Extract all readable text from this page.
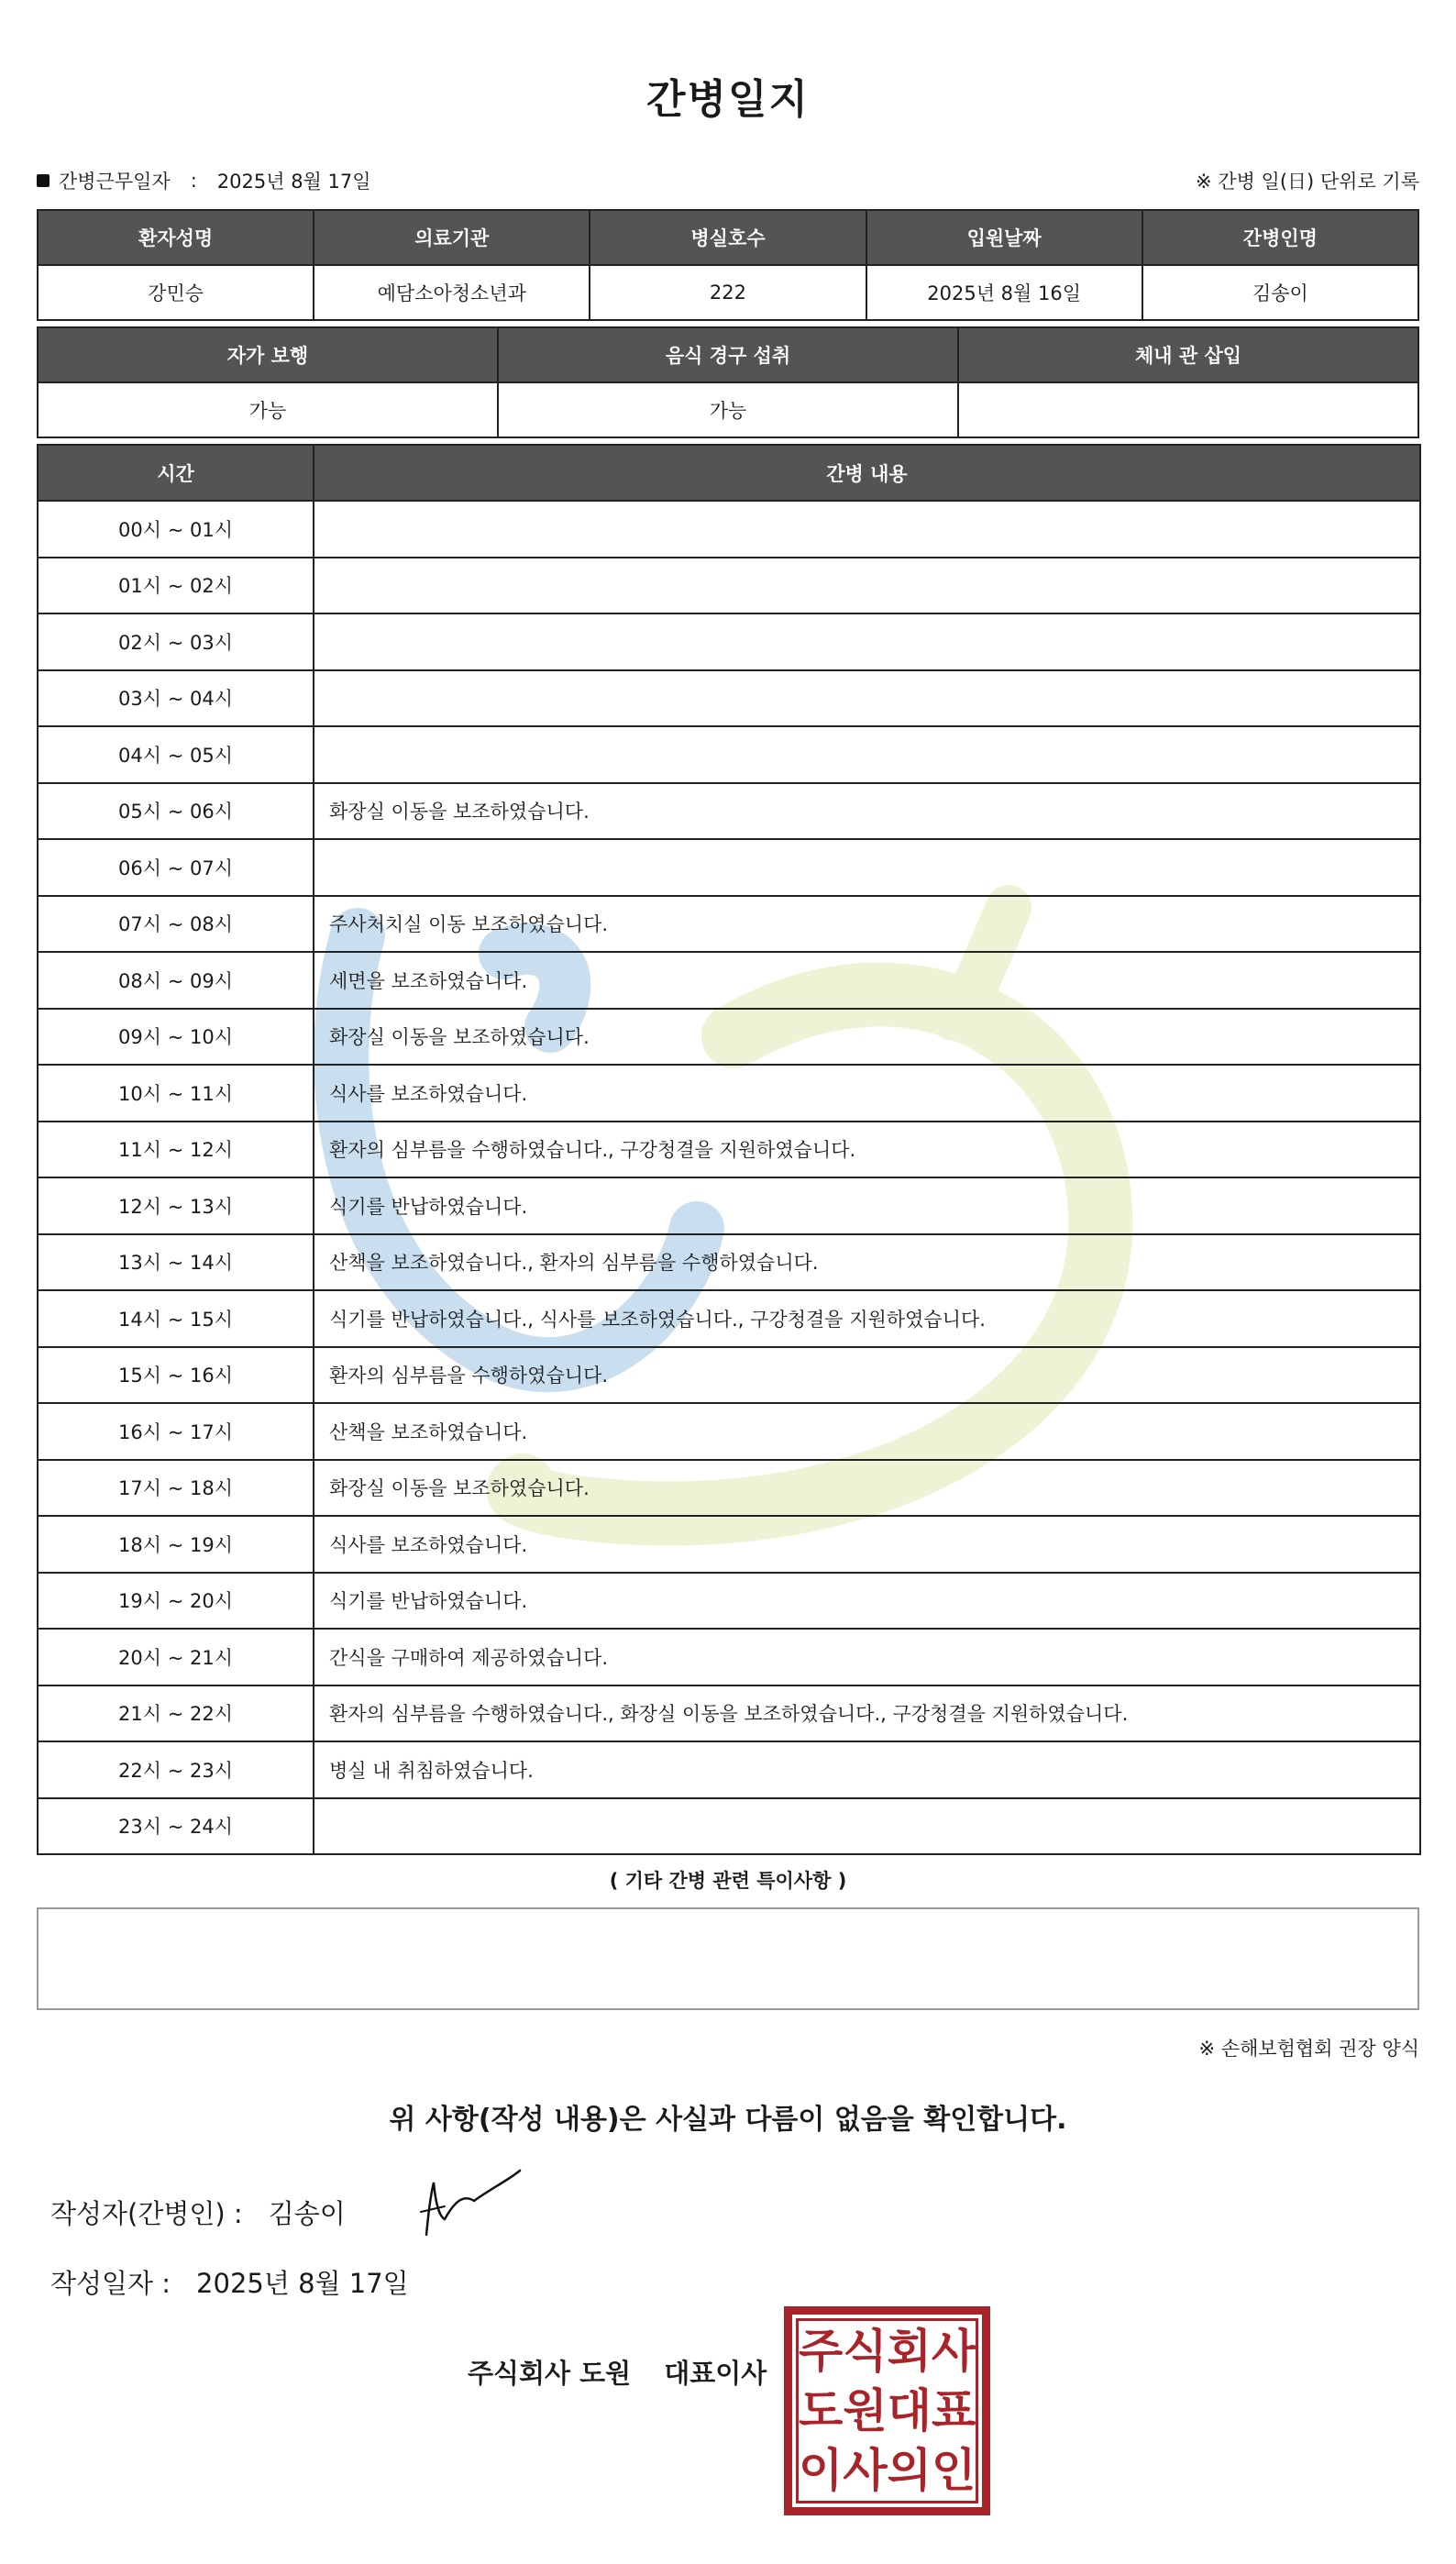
간병일지
간병근무일자 : 2025년 8월 17일	※ 간병 일(日) 단위로 기록
환자성명	의료기관	병실호수	입원날짜	간병인명
강민승	예담소아청소년과	222	2025년 8월 16일	김송이
자가 보행	음식 경구 섭취	체내 관 삽입
가능	가능	
시간	간병 내용
00시 ~ 01시	
01시 ~ 02시	
02시 ~ 03시	
03시 ~ 04시	
04시 ~ 05시	
05시 ~ 06시	화장실 이동을 보조하였습니다.
06시 ~ 07시	
07시 ~ 08시	주사처치실 이동 보조하였습니다.
08시 ~ 09시	세면을 보조하였습니다.
09시 ~ 10시	화장실 이동을 보조하였습니다.
10시 ~ 11시	식사를 보조하였습니다.
11시 ~ 12시	환자의 심부름을 수행하였습니다., 구강청결을 지원하였습니다.
12시 ~ 13시	식기를 반납하였습니다.
13시 ~ 14시	산책을 보조하였습니다., 환자의 심부름을 수행하였습니다.
14시 ~ 15시	식기를 반납하였습니다., 식사를 보조하였습니다., 구강청결을 지원하였습니다.
15시 ~ 16시	환자의 심부름을 수행하였습니다.
16시 ~ 17시	산책을 보조하였습니다.
17시 ~ 18시	화장실 이동을 보조하였습니다.
18시 ~ 19시	식사를 보조하였습니다.
19시 ~ 20시	식기를 반납하였습니다.
20시 ~ 21시	간식을 구매하여 제공하였습니다.
21시 ~ 22시	환자의 심부름을 수행하였습니다., 화장실 이동을 보조하였습니다., 구강청결을 지원하였습니다.
22시 ~ 23시	병실 내 취침하였습니다.
23시 ~ 24시	
( 기타 간병 관련 특이사항 )
※ 손해보험협회 권장 양식
위 사항(작성 내용)은 사실과 다름이 없음을 확인합니다.
작성자(간병인) : 김송이
작성일자 : 2025년 8월 17일
주식회사 도원 대표이사 주 식 회 사
도 원 대 표
이 사 의 인
